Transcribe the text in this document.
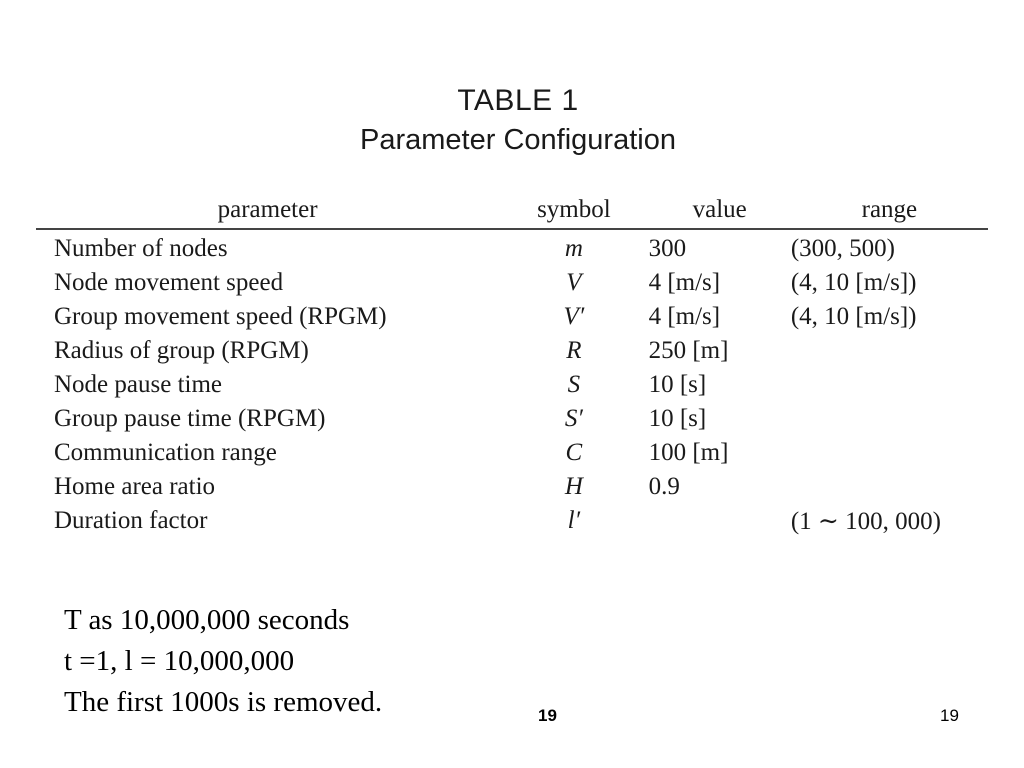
TABLE 1
Parameter Configuration
parameter	symbol	value	range
Number of nodes	m	300	(300, 500)
Node movement speed	V	4 [m/s]	(4, 10 [m/s])
Group movement speed (RPGM)	V′	4 [m/s]	(4, 10 [m/s])
Radius of group (RPGM)	R	250 [m]	
Node pause time	S	10 [s]	
Group pause time (RPGM)	S′	10 [s]	
Communication range	C	100 [m]	
Home area ratio	H	0.9	
Duration factor	l′		(1 ∼ 100, 000)
T as 10,000,000 seconds
t =1, l = 10,000,000
The first 1000s is removed.	19	19
